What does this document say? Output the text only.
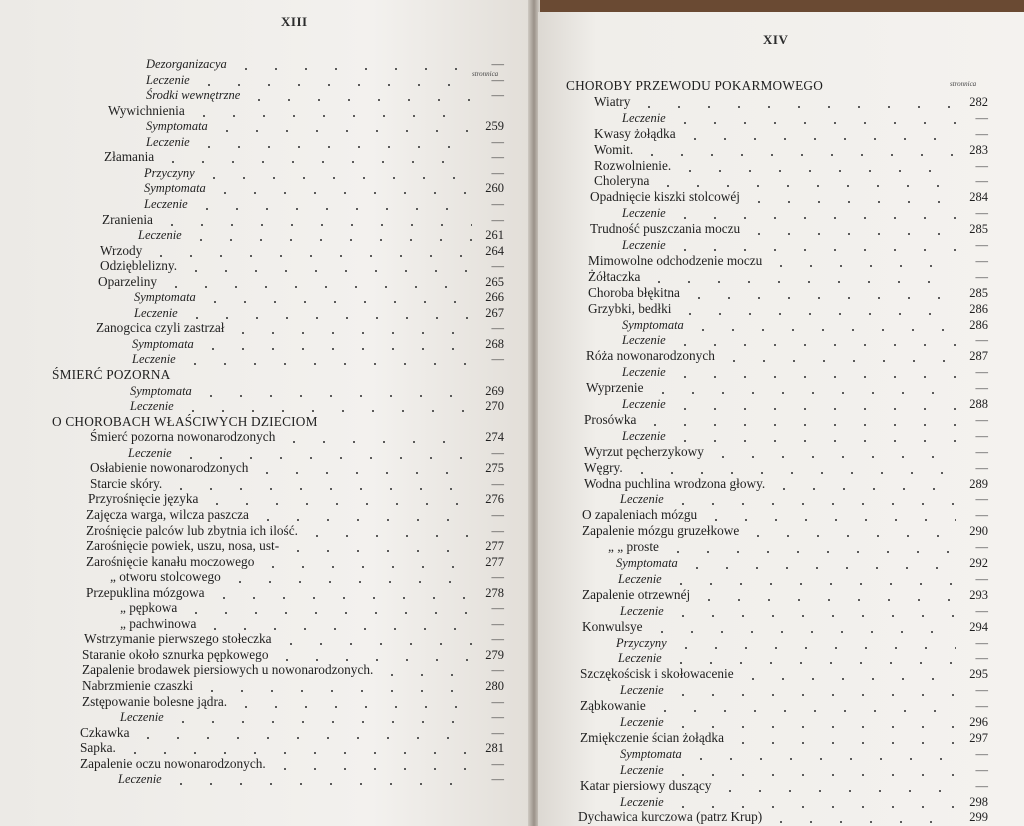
XIII
stronnica
Dezorganizacya	—
Leczenie	—
Środki wewnętrzne	—
Wywichnienia
Symptomata	259
Leczenie	—
Złamania	—
Przyczyny	—
Symptomata	260
Leczenie	—
Zranienia	—
Leczenie	261
Wrzody	264
Odzięblelizny.	—
Oparzeliny	265
Symptomata	266
Leczenie	267
Zanogcica czyli zastrzał	—
Symptomata	268
Leczenie	—
ŚMIERĆ POZORNA
Symptomata	269
Leczenie	270
O CHOROBACH WŁAŚCIWYCH DZIECIOM
Śmierć pozorna nowonarodzonych	274
Leczenie	—
Osłabienie nowonarodzonych	275
Starcie skóry.	—
Przyrośnięcie języka	276
Zajęcza warga, wilcza paszcza	—
Zrośnięcie palców lub zbytnia ich ilość.	—
Zarośnięcie powiek, uszu, nosa, ust-	277
Zarośnięcie kanału moczowego	277
„ otworu stolcowego	—
Przepuklina mózgowa	278
„ pępkowa	—
„ pachwinowa	—
Wstrzymanie pierwszego stołeczka	—
Staranie około sznurka pępkowego	279
Zapalenie brodawek piersiowych u nowonarodzonych.	—
Nabrzmienie czaszki	280
Zstępowanie bolesne jądra.	—
Leczenie	—
Czkawka	—
Sapka.	281
Zapalenie oczu nowonarodzonych.	—
Leczenie	—
XIV
stronnica
CHOROBY PRZEWODU POKARMOWEGO
Wiatry	282
Leczenie	—
Kwasy żołądka	—
Womit.	283
Rozwolnienie.	—
Choleryna	—
Opadnięcie kiszki stolcowéj	284
Leczenie	—
Trudność puszczania moczu	285
Leczenie	—
Mimowolne odchodzenie moczu	—
Żółtaczka	—
Choroba błękitna	285
Grzybki, bedłki	286
Symptomata	286
Leczenie	—
Róża nowonarodzonych	287
Leczenie	—
Wyprzenie	—
Leczenie	288
Prosówka	—
Leczenie	—
Wyrzut pęcherzykowy	—
Węgry.	—
Wodna puchlina wrodzona głowy.	289
Leczenie	—
O zapaleniach mózgu	—
Zapalenie mózgu gruzełkowe	290
„ „ proste	—
Symptomata	292
Leczenie	—
Zapalenie otrzewnéj	293
Leczenie	—
Konwulsye	294
Przyczyny	—
Leczenie	—
Szczękościsk i skołowacenie	295
Leczenie	—
Ząbkowanie	—
Leczenie	296
Zmiękczenie ścian żołądka	297
Symptomata	—
Leczenie	—
Katar piersiowy duszący	—
Leczenie	298
Dychawica kurczowa (patrz Krup)	299
